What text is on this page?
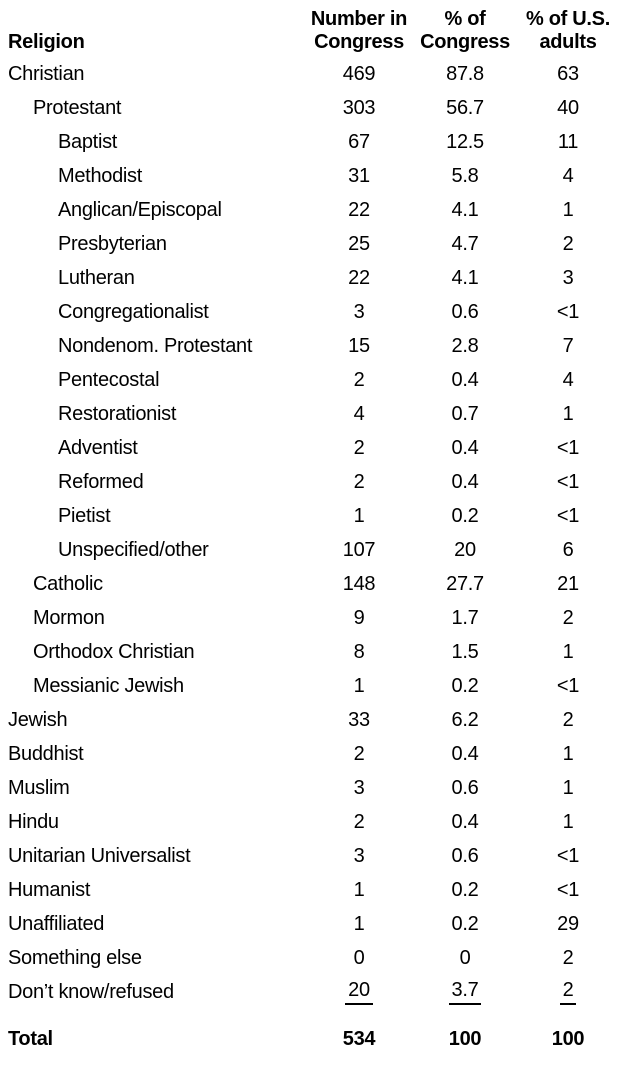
Religion

Number in
Congress

% of
Congress

% of U.S.
adults

Christian	469	87.8	63
Protestant	303	56.7	40
Baptist	67	12.5	11
Methodist	31	5.8	4
Anglican/Episcopal	22	4.1	1
Presbyterian	25	4.7	2
Lutheran	22	4.1	3
Congregationalist	3	0.6	<1
Nondenom. Protestant	15	2.8	7
Pentecostal	2	0.4	4
Restorationist	4	0.7	1
Adventist	2	0.4	<1
Reformed	2	0.4	<1
Pietist	1	0.2	<1
Unspecified/other	107	20	6
Catholic	148	27.7	21
Mormon	9	1.7	2
Orthodox Christian	8	1.5	1
Messianic Jewish	1	0.2	<1
Jewish	33	6.2	2
Buddhist	2	0.4	1
Muslim	3	0.6	1
Hindu	2	0.4	1
Unitarian Universalist	3	0.6	<1
Humanist	1	0.2	<1
Unaffiliated	1	0.2	29
Something else	0	0	2
Don’t know/refused	20	3.7	2
Total	534	100	100
